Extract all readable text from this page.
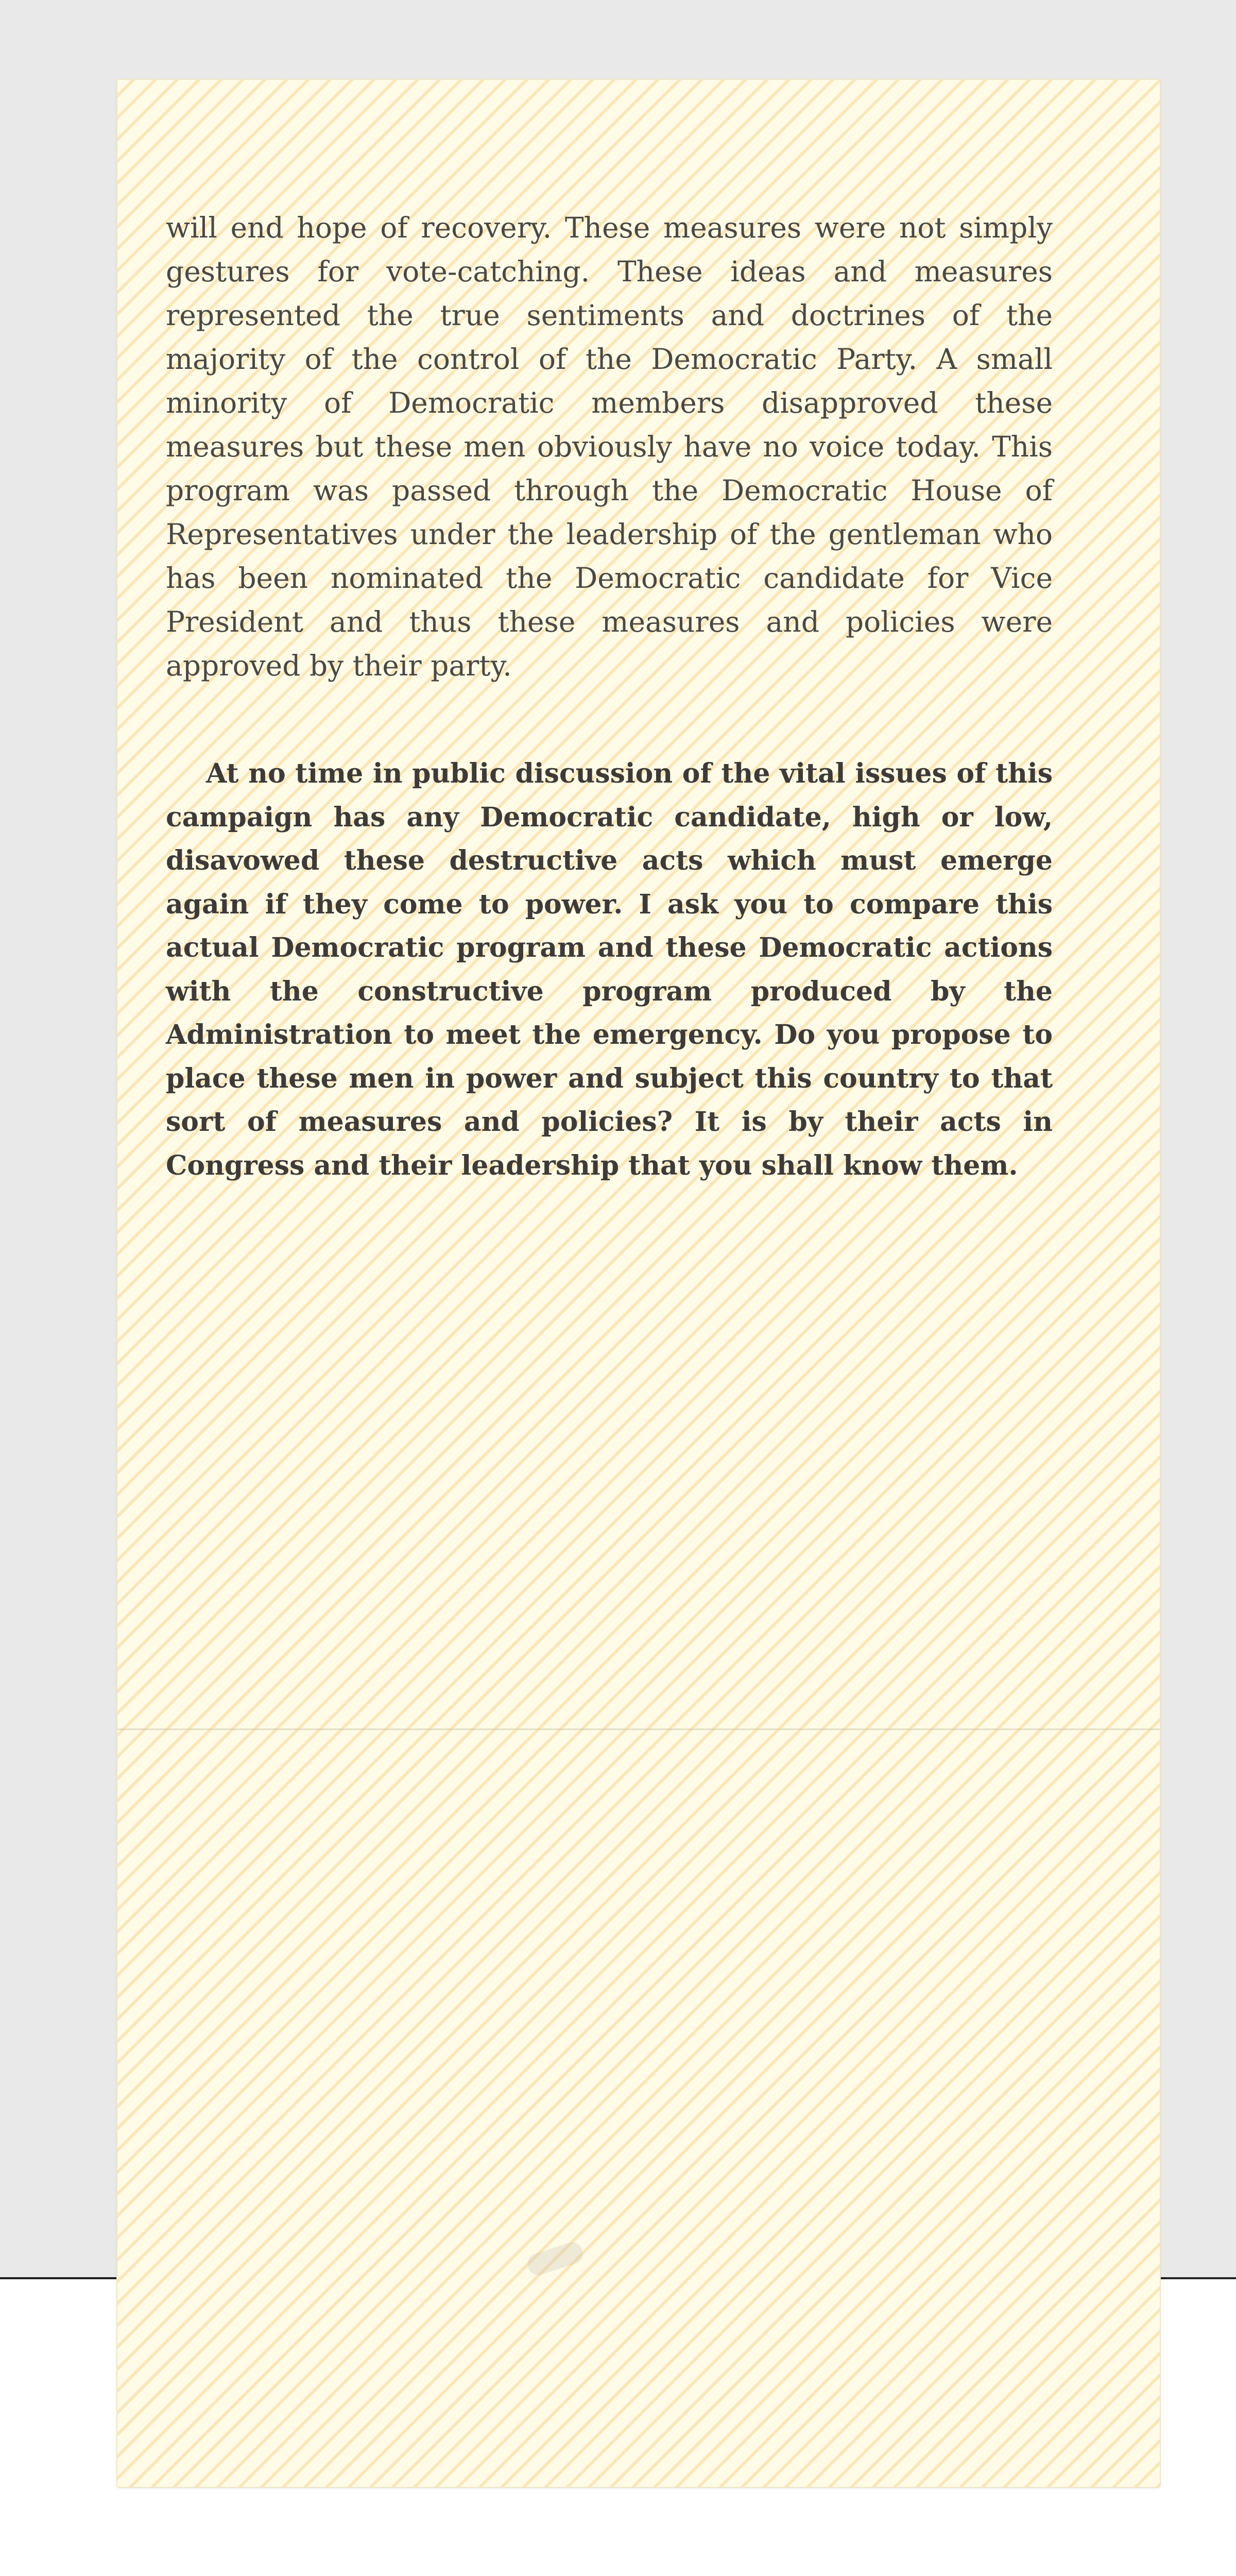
will end hope of recovery. These measures were not simply gestures for vote-catching. These ideas and measures represented the true sentiments and doctrines of the majority of the control of the Democratic Party. A small minority of Democratic members disapproved these measures but these men obviously have no voice today. This program was passed through the Democratic House of Representatives under the leadership of the gentleman who has been nominated the Democratic candidate for Vice President and thus these measures and policies were approved by their party.
At no time in public discussion of the vital issues of this campaign has any Democratic candidate, high or low, disavowed these destructive acts which must emerge again if they come to power. I ask you to compare this actual Democratic program and these Democratic actions with the constructive program produced by the Administration to meet the emergency. Do you propose to place these men in power and subject this country to that sort of measures and policies? It is by their acts in Congress and their leadership that you shall know them.
